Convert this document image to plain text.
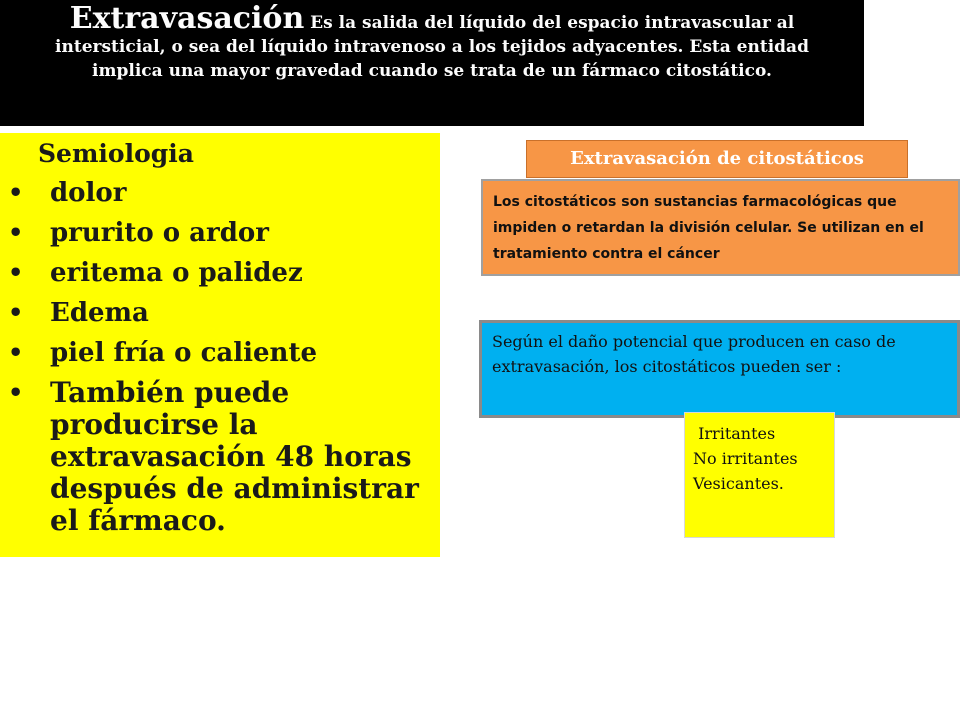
Extravasación Es la salida del líquido del espacio intravascular al intersticial, o sea del líquido intravenoso a los tejidos adyacentes. Esta entidad implica una mayor gravedad cuando se trata de un fármaco citostático.
Semiologia
• dolor
• prurito o ardor
• eritema o palidez
• Edema
• piel fría o caliente
• También puede producirse la extravasación 48 horas después de administrar el fármaco.
Extravasación de citostáticos
Los citostáticos son sustancias farmacológicas que impiden o retardan la división celular. Se utilizan en el tratamiento contra el cáncer
Según el daño potencial que producen en caso de extravasación, los citostáticos pueden ser :
Irritantes
No irritantes
Vesicantes.
